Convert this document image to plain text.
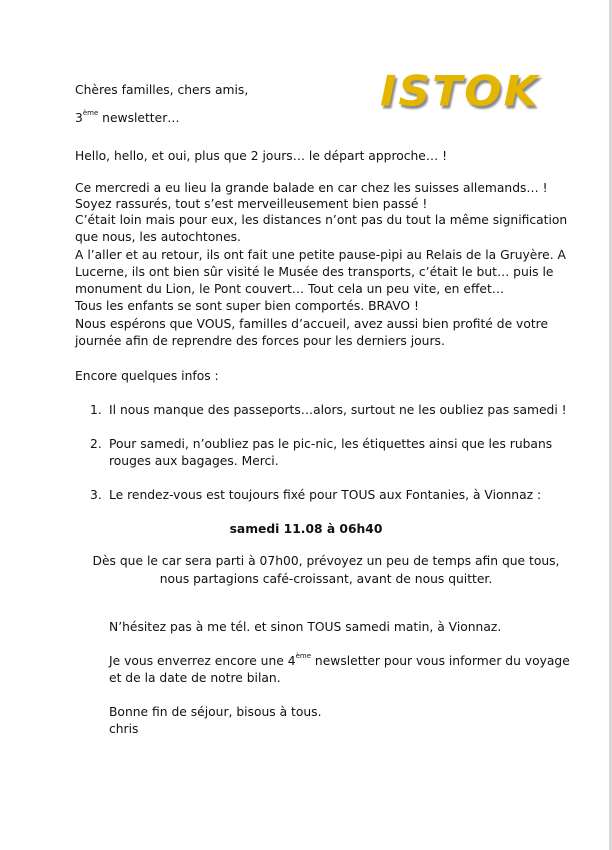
ISTOK
Chères familles, chers amis,
3ème newsletter…
Hello, hello, et oui, plus que 2 jours… le départ approche… !
Ce mercredi a eu lieu la grande balade en car chez les suisses allemands… !
Soyez rassurés, tout s’est merveilleusement bien passé !
C’était loin mais pour eux, les distances n’ont pas du tout la même signification
que nous, les autochtones.
A l’aller et au retour, ils ont fait une petite pause-pipi au Relais de la Gruyère. A
Lucerne, ils ont bien sûr visité le Musée des transports, c’était le but… puis le
monument du Lion, le Pont couvert… Tout cela un peu vite, en effet…
Tous les enfants se sont super bien comportés. BRAVO !
Nous espérons que VOUS, familles d’accueil, avez aussi bien profité de votre
journée afin de reprendre des forces pour les derniers jours.
Encore quelques infos :
1. Il nous manque des passeports…alors, surtout ne les oubliez pas samedi !
2. Pour samedi, n’oubliez pas le pic-nic, les étiquettes ainsi que les rubans
rouges aux bagages. Merci.
3. Le rendez-vous est toujours fixé pour TOUS aux Fontanies, à Vionnaz :
samedi 11.08 à 06h40
Dès que le car sera parti à 07h00, prévoyez un peu de temps afin que tous,
nous partagions café-croissant, avant de nous quitter.
N’hésitez pas à me tél. et sinon TOUS samedi matin, à Vionnaz.
Je vous enverrez encore une 4ème newsletter pour vous informer du voyage
et de la date de notre bilan.
Bonne fin de séjour, bisous à tous.
chris
